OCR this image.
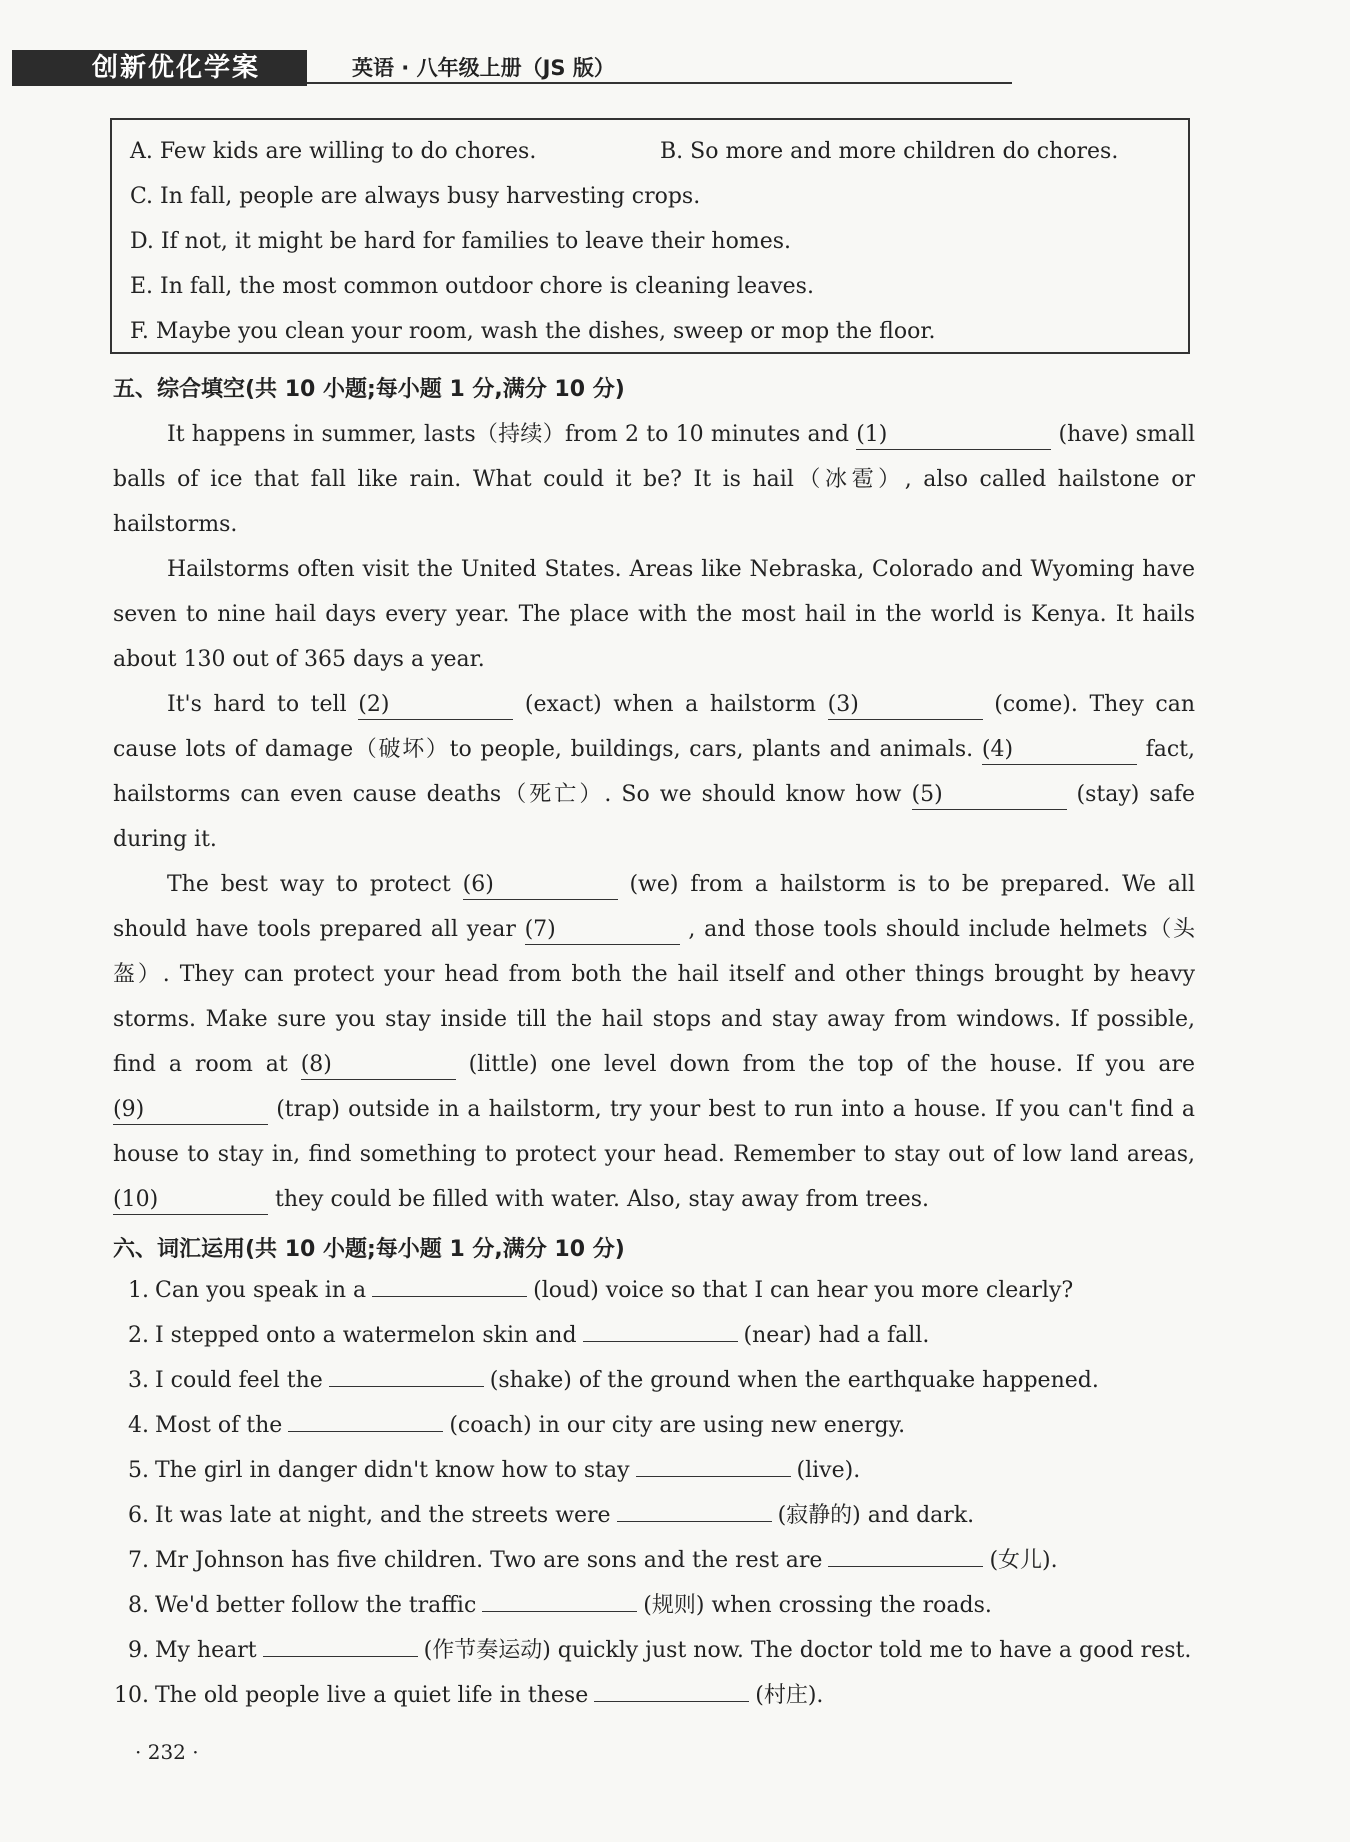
创新优化学案	英语 · 八年级上册（JS 版）
A. Few kids are willing to do chores.	B. So more and more children do chores.
C. In fall, people are always busy harvesting crops.
D. If not, it might be hard for families to leave their homes.
E. In fall, the most common outdoor chore is cleaning leaves.
F. Maybe you clean your room, wash the dishes, sweep or mop the floor.
五、综合填空(共 10 小题;每小题 1 分,满分 10 分)

It happens in summer, lasts（持续）from 2 to 10 minutes and (1)	(have) small balls of ice that fall like rain. What could it be? It is hail（冰雹）, also called hailstone or hailstorms.

Hailstorms often visit the United States. Areas like Nebraska, Colorado and Wyoming have seven to nine hail days every year. The place with the most hail in the world is Kenya. It hails about 130 out of 365 days a year.

It's hard to tell (2)	(exact) when a hailstorm (3)	(come). They can cause lots of damage（破坏）to people, buildings, cars, plants and animals. (4)	fact, hailstorms can even cause deaths（死亡）. So we should know how (5)	(stay) safe during it.

The best way to protect (6)	(we) from a hailstorm is to be prepared. We all should have tools prepared all year (7)	, and those tools should include helmets（头盔）. They can protect your head from both the hail itself and other things brought by heavy storms. Make sure you stay inside till the hail stops and stay away from windows. If possible, find a room at (8)	(little) one level down from the top of the house. If you are (9)	(trap) outside in a hailstorm, try your best to run into a house. If you can't find a house to stay in, find something to protect your head. Remember to stay out of low land areas, (10)	they could be filled with water. Also, stay away from trees.

六、词汇运用(共 10 小题;每小题 1 分,满分 10 分)
1. Can you speak in a	(loud) voice so that I can hear you more clearly?
2. I stepped onto a watermelon skin and	(near) had a fall.
3. I could feel the	(shake) of the ground when the earthquake happened.
4. Most of the	(coach) in our city are using new energy.
5. The girl in danger didn't know how to stay	(live).
6. It was late at night, and the streets were	(寂静的) and dark.
7. Mr Johnson has five children. Two are sons and the rest are	(女儿).
8. We'd better follow the traffic	(规则) when crossing the roads.
9. My heart	(作节奏运动) quickly just now. The doctor told me to have a good rest.
10. The old people live a quiet life in these	(村庄).
· 232 ·
